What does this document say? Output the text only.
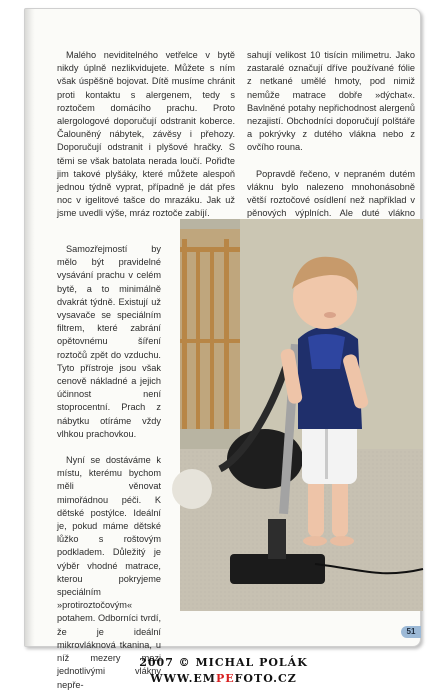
Malého neviditelného vetřelce v bytě nikdy úplně nezlikvidujete. Můžete s ním však úspěšně bojovat. Dítě musíme chránit proti kontaktu s alergenem, tedy s roztočem domácího prachu. Proto alergologové doporučují odstranit koberce. Čalouněný nábytek, závěsy i přehozy. Doporučují odstranit i plyšové hračky. S těmi se však batolata nerada loučí. Pořiďte jim takové plyšáky, které můžete alespoň jednou týdně vyprat, případně je dát přes noc v igelitové tašce do mrazáku. Jak už jsme uvedli výše, mráz roztoče zabíjí.

sahují velikost 10 tisícin milimetru. Jako zastaralé označují dříve používané fólie z netkané umělé hmoty, pod nimiž nemůže matrace dobře »dýchat«. Bavlněné potahy nepřichodnost alergenů nezajistí. Obchodníci doporučují polštáře a pokrývky z dutého vlákna nebo z ovčího rouna.

Popravdě řečeno, v nepraném dutém vláknu bylo nalezeno mnohonásobně větší roztočové osídlení než například v pěnových výplních. Ale duté vlákno

Samozřejmostí by mělo být pravidelné vysávání prachu v celém bytě, a to minimálně dvakrát týdně. Existují už vysavače se speciálním filtrem, které zabrání opětovnému šíření roztočů zpět do vzduchu. Tyto přístroje jsou však cenově nákladné a jejich účinnost není stoprocentní. Prach z nábytku otíráme vždy vlhkou prachovkou.

Nyní se dostáváme k místu, kterému bychom měli věnovat mimořádnou péči. K dětské postýlce. Ideální je, pokud máme dětské lůžko s roštovým podkladem. Důležitý je výběr vhodné matrace, kterou pokryjeme speciálním »protiroztočovým« potahem. Odborníci tvrdí, že je ideální mikrovláknová tkanina, u níž mezery mezi jednotlivými vlákny nepře-

51
2007 © MICHAL POLÁK
WWW.EMPEFOTO.CZ
